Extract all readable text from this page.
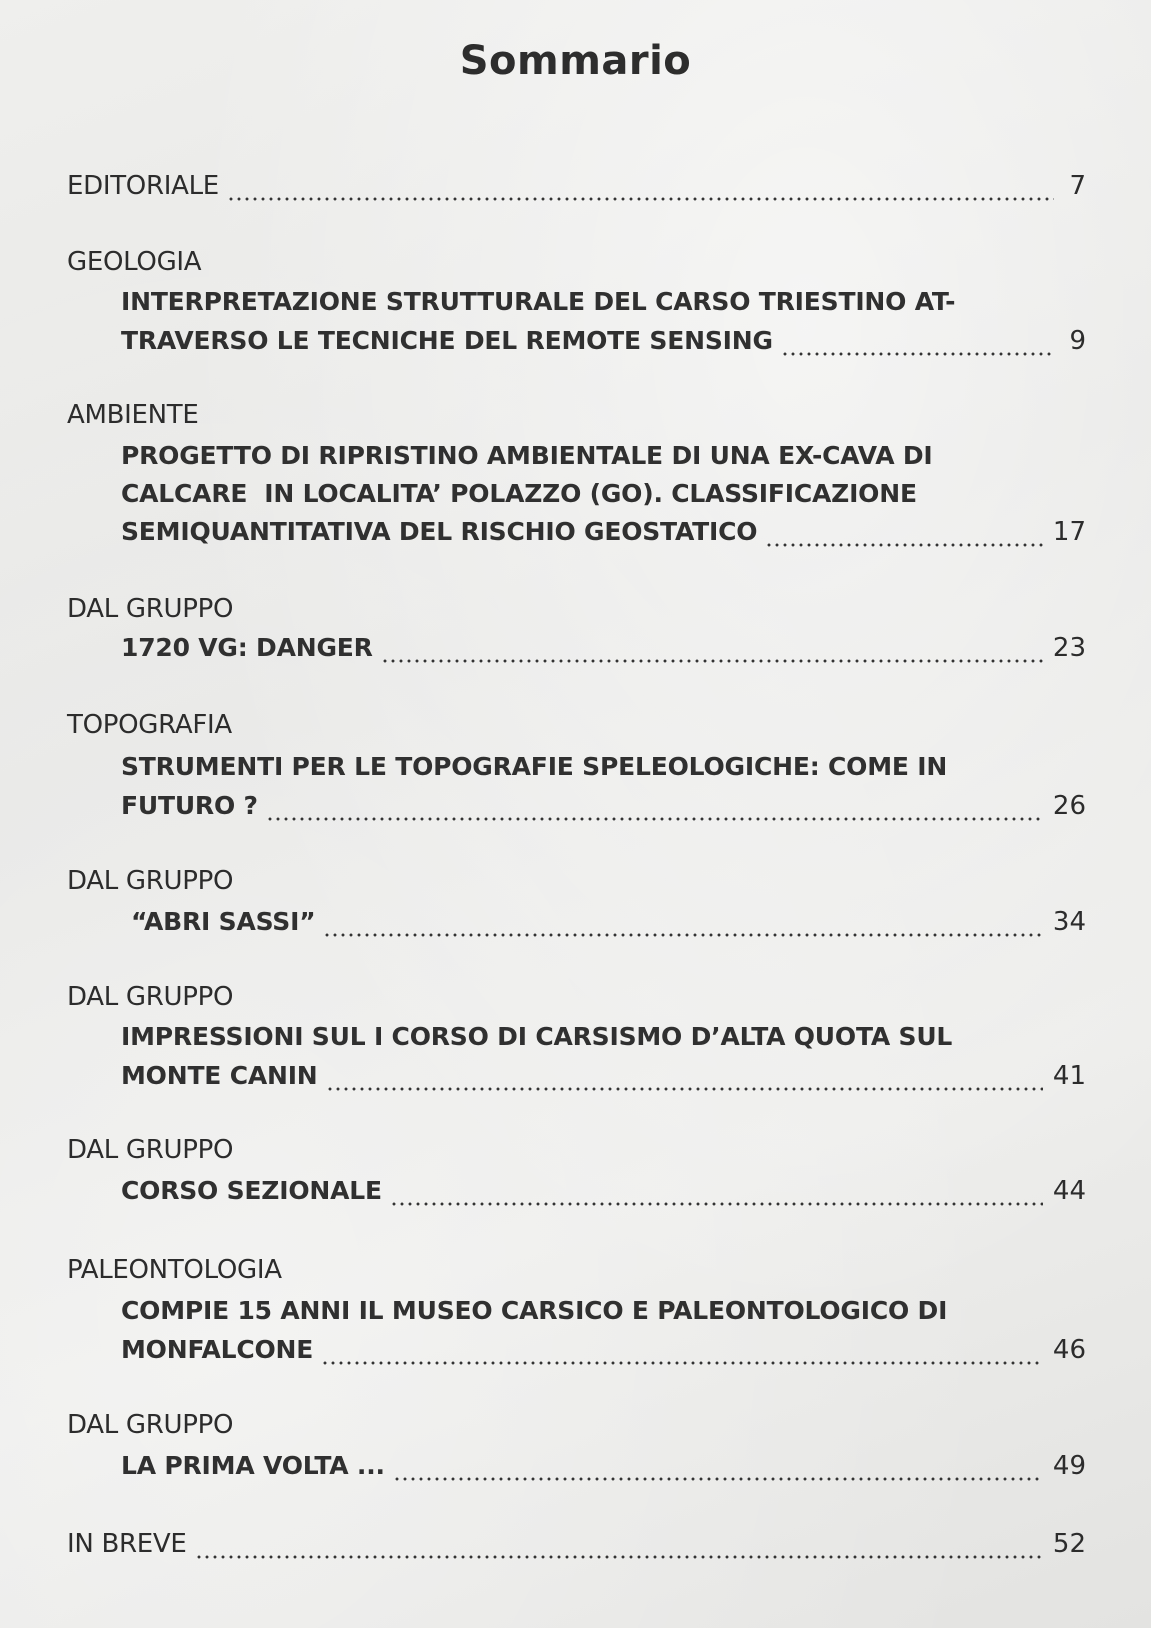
Sommario
EDITORIALE	7
GEOLOGIA
INTERPRETAZIONE STRUTTURALE DEL CARSO TRIESTINO AT-
TRAVERSO LE TECNICHE DEL REMOTE SENSING	9
AMBIENTE
PROGETTO DI RIPRISTINO AMBIENTALE DI UNA EX-CAVA DI
CALCARE  IN LOCALITA’ POLAZZO (GO). CLASSIFICAZIONE
SEMIQUANTITATIVA DEL RISCHIO GEOSTATICO	17
DAL GRUPPO
1720 VG: DANGER	23
TOPOGRAFIA
STRUMENTI PER LE TOPOGRAFIE SPELEOLOGICHE: COME IN
FUTURO ?	26
DAL GRUPPO
“ABRI SASSI”	34
DAL GRUPPO
IMPRESSIONI SUL I CORSO DI CARSISMO D’ALTA QUOTA SUL
MONTE CANIN	41
DAL GRUPPO
CORSO SEZIONALE	44
PALEONTOLOGIA
COMPIE 15 ANNI IL MUSEO CARSICO E PALEONTOLOGICO DI
MONFALCONE	46
DAL GRUPPO
LA PRIMA VOLTA ...	49
IN BREVE	52
